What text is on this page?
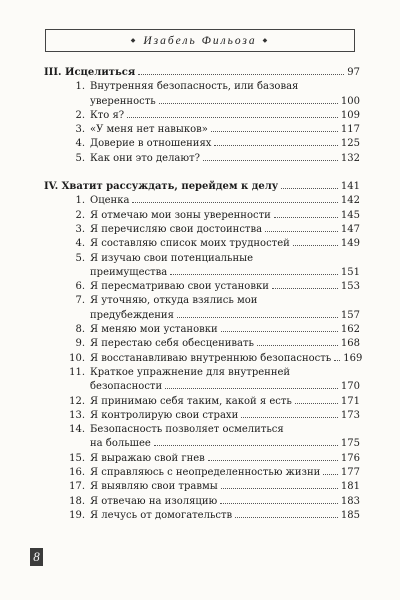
◆ Изабель Фильоза ◆
III. Исцелиться	97
1. Внутренняя безопасность, или базовая
уверенность	100
2. Кто я?	109
3. «У меня нет навыков»	117
4. Доверие в отношениях	125
5. Как они это делают?	132
IV. Хватит рассуждать, перейдем к делу	141
1. Оценка	142
2. Я отмечаю мои зоны уверенности	145
3. Я перечисляю свои достоинства	147
4. Я составляю список моих трудностей	149
5. Я изучаю свои потенциальные
преимущества	151
6. Я пересматриваю свои установки	153
7. Я уточняю, откуда взялись мои
предубеждения	157
8. Я меняю мои установки	162
9. Я перестаю себя обесценивать	168
10. Я восстанавливаю внутреннюю безопасность 169
11. Краткое упражнение для внутренней
безопасности	170
12. Я принимаю себя таким, какой я есть	171
13. Я контролирую свои страхи	173
14. Безопасность позволяет осмелиться
на большее	175
15. Я выражаю свой гнев	176
16. Я справляюсь с неопределенностью жизни 177
17. Я выявляю свои травмы	181
18. Я отвечаю на изоляцию	183
19. Я лечусь от домогательств	185
8
